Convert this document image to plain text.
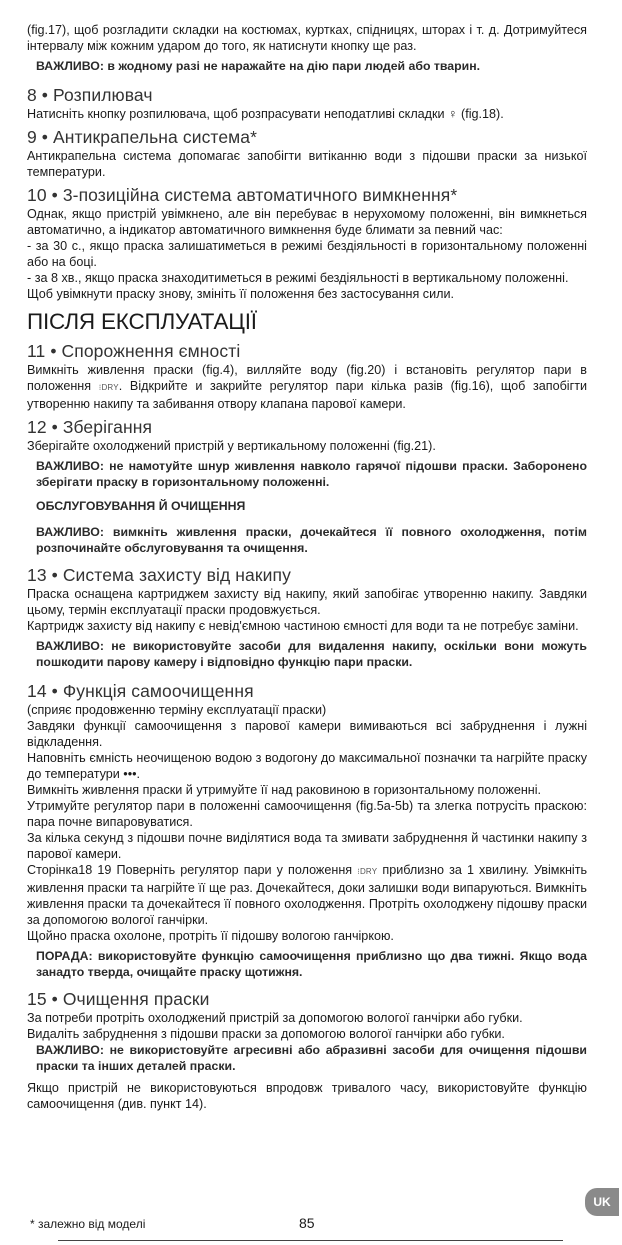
(fig.17), щоб розгладити складки на костюмах, куртках, спідницях, шторах і т. д. Дотримуйтеся інтервалу між кожним ударом до того, як натиснути кнопку ще раз.

ВАЖЛИВО: в жодному разі не наражайте на дію пари людей або тварин.

8 • Розпилювач

Натисніть кнопку розпилювача, щоб розпрасувати неподатливі складки ♀ (fig.18).

9 • Антикрапельна система*

Антикрапельна система допомагає запобігти витіканню води з підошви праски за низької температури.

10 • 3-позиційна система автоматичного вимкнення*

Однак, якщо пристрій увімкнено, але він перебуває в нерухомому положенні, він вимкнеться автоматично, а індикатор автоматичного вимкнення буде блимати за певний час:

- за 30 с., якщо праска залишатиметься в режимі бездіяльності в горизонтальному положенні або на боці.

- за 8 хв., якщо праска знаходитиметься в режимі бездіяльності в вертикальному положенні.

Щоб увімкнути праску знову, змініть її положення без застосування сили.

ПІСЛЯ ЕКСПЛУАТАЦІЇ
11 • Спорожнення ємності

Вимкніть живлення праски (fig.4), вилляйте воду (fig.20) і встановіть регулятор пари в положення ⁝DRY. Відкрийте и закрийте регулятор пари кілька разів (fig.16), щоб запобігти утворенню накипу та забивання отвору клапана парової камери.

12 • Зберігання

Зберігайте охолоджений пристрій у вертикальному положенні (fig.21).

ВАЖЛИВО: не намотуйте шнур живлення навколо гарячої підошви праски. Заборонено зберігати праску в горизонтальному положенні.

ОБСЛУГОВУВАННЯ Й ОЧИЩЕННЯ

ВАЖЛИВО: вимкніть живлення праски, дочекайтеся її повного охолодження, потім розпочинайте обслуговування та очищення.

13 • Система захисту від накипу

Праска оснащена картриджем захисту від накипу, який запобігає утворенню накипу. Завдяки цьому, термін експлуатації праски продовжується.

Картридж захисту від накипу є невід'ємною частиною ємності для води та не потребує заміни.

ВАЖЛИВО: не використовуйте засоби для видалення накипу, оскільки вони можуть пошкодити парову камеру і відповідно функцію пари праски.

14 • Функція самоочищення

(сприяє продовженню терміну експлуатації праски)

Завдяки функції самоочищення з парової камери вимиваються всі забруднення і лужні відкладення.

Наповніть ємність неочищеною водою з водогону до максимальної позначки та нагрійте праску до температури •••.

Вимкніть живлення праски й утримуйте її над раковиною в горизонтальному положенні.

Утримуйте регулятор пари в положенні самоочищення (fig.5a-5b) та злегка потрусіть праскою: пара почне випаровуватися.

За кілька секунд з підошви почне виділятися вода та змивати забруднення й частинки накипу з парової камери.

Сторінка18 19 Поверніть регулятор пари у положення ⁝DRY приблизно за 1 хвилину. Увімкніть живлення праски та нагрійте її ще раз. Дочекайтеся, доки залишки води випаруються. Вимкніть живлення праски та дочекайтеся її повного охолодження. Протріть охолоджену підошву праски за допомогою вологої ганчірки.

Щойно праска охолоне, протріть її підошву вологою ганчіркою.

ПОРАДА: використовуйте функцію самоочищення приблизно що два тижні. Якщо вода занадто тверда, очищайте праску щотижня.

15 • Очищення праски

За потреби протріть охолоджений пристрій за допомогою вологої ганчірки або губки.

Видаліть забруднення з підошви праски за допомогою вологої ганчірки або губки.

ВАЖЛИВО: не використовуйте агресивні або абразивні засоби для очищення підошви праски та інших деталей праски.

Якщо пристрій не використовуються впродовж тривалого часу, використовуйте функцію самоочищення (див. пункт 14).

UK
* залежно від моделі	85
